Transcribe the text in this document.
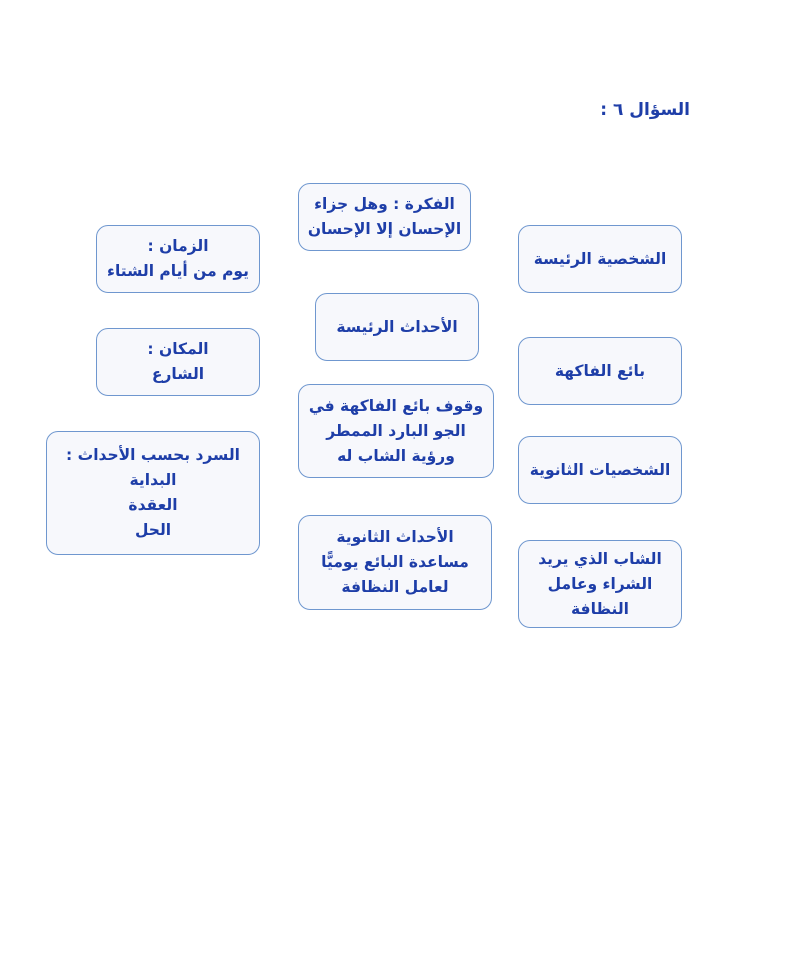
السؤال ٦ :
الفكرة : وهل جزاء
الإحسان إلا الإحسان
الزمان :
يوم من أيام الشتاء
الشخصية الرئيسة
الأحداث الرئيسة
المكان :
الشارع	بائع الفاكهة
وقوف بائع الفاكهة في
الجو البارد الممطر
ورؤية الشاب له
السرد بحسب الأحداث :
البداية
العقدة
الحل
الشخصيات الثانوية
الأحداث الثانوية
مساعدة البائع يوميًّا
لعامل النظافة
الشاب الذي يريد
الشراء وعامل
النظافة
